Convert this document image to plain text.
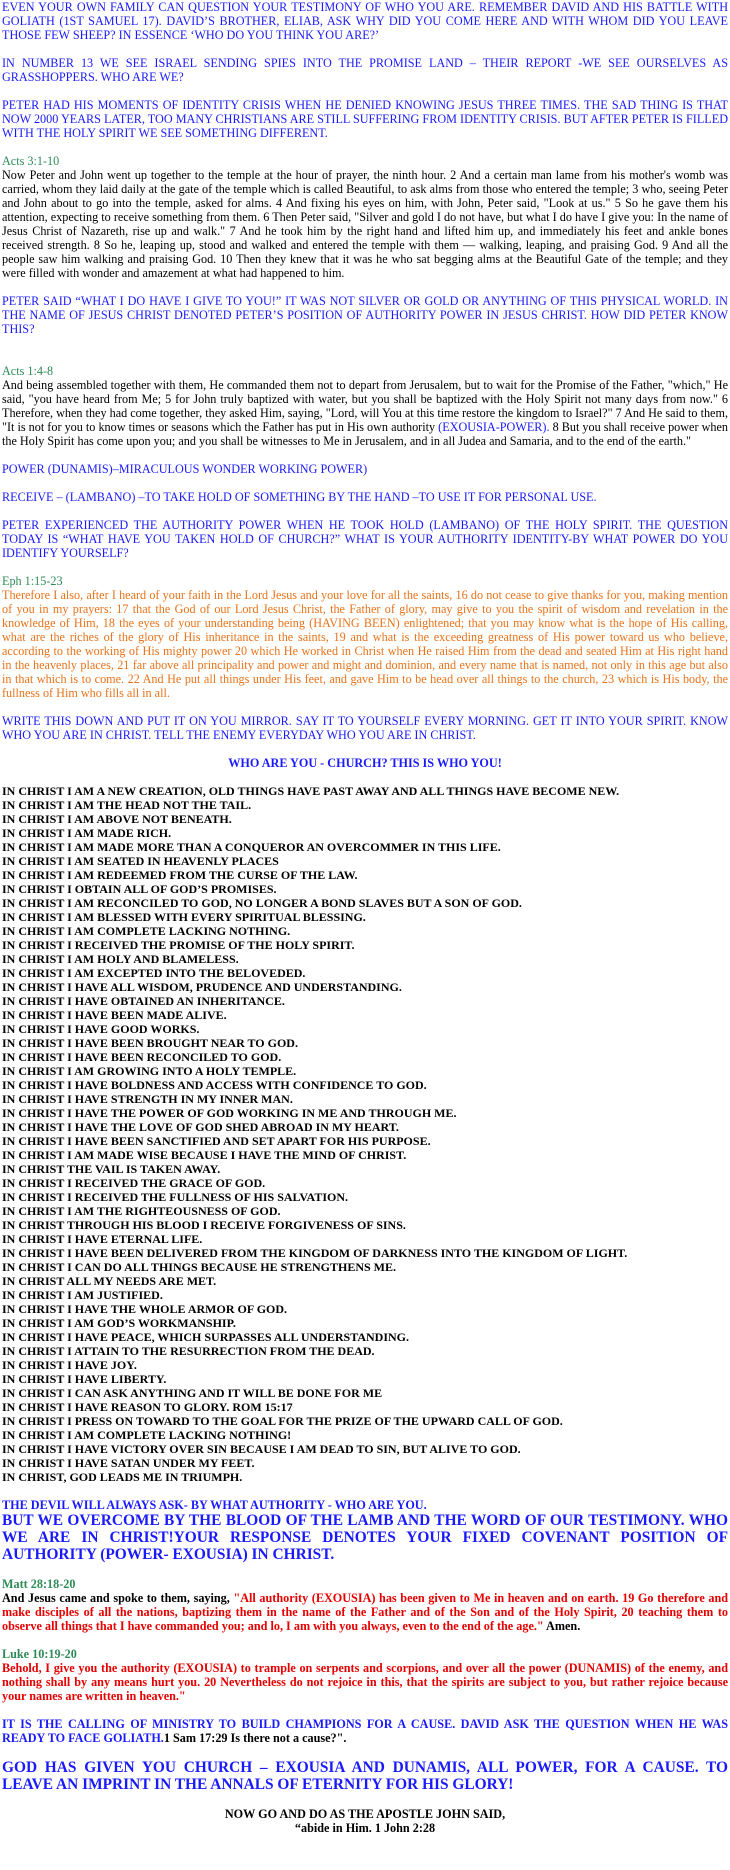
EVEN YOUR OWN FAMILY CAN QUESTION YOUR TESTIMONY OF WHO YOU ARE. REMEMBER DAVID AND HIS BATTLE WITH GOLIATH (1ST SAMUEL 17). DAVID’S BROTHER, ELIAB, ASK WHY DID YOU COME HERE AND WITH WHOM DID YOU LEAVE THOSE FEW SHEEP? IN ESSENCE ‘WHO DO YOU THINK YOU ARE?’

IN NUMBER 13 WE SEE ISRAEL SENDING SPIES INTO THE PROMISE LAND – THEIR REPORT -WE SEE OURSELVES AS GRASSHOPPERS. WHO ARE WE?

PETER HAD HIS MOMENTS OF IDENTITY CRISIS WHEN HE DENIED KNOWING JESUS THREE TIMES. THE SAD THING IS THAT NOW 2000 YEARS LATER, TOO MANY CHRISTIANS ARE STILL SUFFERING FROM IDENTITY CRISIS. BUT AFTER PETER IS FILLED WITH THE HOLY SPIRIT WE SEE SOMETHING DIFFERENT.

Acts 3:1-10

Now Peter and John went up together to the temple at the hour of prayer, the ninth hour. 2 And a certain man lame from his mother's womb was carried, whom they laid daily at the gate of the temple which is called Beautiful, to ask alms from those who entered the temple; 3 who, seeing Peter and John about to go into the temple, asked for alms. 4 And fixing his eyes on him, with John, Peter said, "Look at us." 5 So he gave them his attention, expecting to receive something from them. 6 Then Peter said, "Silver and gold I do not have, but what I do have I give you: In the name of Jesus Christ of Nazareth, rise up and walk." 7 And he took him by the right hand and lifted him up, and immediately his feet and ankle bones received strength. 8 So he, leaping up, stood and walked and entered the temple with them — walking, leaping, and praising God. 9 And all the people saw him walking and praising God. 10 Then they knew that it was he who sat begging alms at the Beautiful Gate of the temple; and they were filled with wonder and amazement at what had happened to him.

PETER SAID “WHAT I DO HAVE I GIVE TO YOU!” IT WAS NOT SILVER OR GOLD OR ANYTHING OF THIS PHYSICAL WORLD. IN THE NAME OF JESUS CHRIST DENOTED PETER’S POSITION OF AUTHORITY POWER IN JESUS CHRIST. HOW DID PETER KNOW THIS?

Acts 1:4-8

And being assembled together with them, He commanded them not to depart from Jerusalem, but to wait for the Promise of the Father, "which," He said, "you have heard from Me; 5 for John truly baptized with water, but you shall be baptized with the Holy Spirit not many days from now." 6 Therefore, when they had come together, they asked Him, saying, "Lord, will You at this time restore the kingdom to Israel?" 7 And He said to them, "It is not for you to know times or seasons which the Father has put in His own authority (EXOUSIA-POWER). 8 But you shall receive power when the Holy Spirit has come upon you; and you shall be witnesses to Me in Jerusalem, and in all Judea and Samaria, and to the end of the earth."

POWER (DUNAMIS)–MIRACULOUS WONDER WORKING POWER)

RECEIVE – (LAMBANO) –TO TAKE HOLD OF SOMETHING BY THE HAND –TO USE IT FOR PERSONAL USE.

PETER EXPERIENCED THE AUTHORITY POWER WHEN HE TOOK HOLD (LAMBANO) OF THE HOLY SPIRIT. THE QUESTION TODAY IS “WHAT HAVE YOU TAKEN HOLD OF CHURCH?” WHAT IS YOUR AUTHORITY IDENTITY-BY WHAT POWER DO YOU IDENTIFY YOURSELF?

Eph 1:15-23

Therefore I also, after I heard of your faith in the Lord Jesus and your love for all the saints, 16 do not cease to give thanks for you, making mention of you in my prayers: 17 that the God of our Lord Jesus Christ, the Father of glory, may give to you the spirit of wisdom and revelation in the knowledge of Him, 18 the eyes of your understanding being (HAVING BEEN) enlightened; that you may know what is the hope of His calling, what are the riches of the glory of His inheritance in the saints, 19 and what is the exceeding greatness of His power toward us who believe, according to the working of His mighty power 20 which He worked in Christ when He raised Him from the dead and seated Him at His right hand in the heavenly places, 21 far above all principality and power and might and dominion, and every name that is named, not only in this age but also in that which is to come. 22 And He put all things under His feet, and gave Him to be head over all things to the church, 23 which is His body, the fullness of Him who fills all in all.

WRITE THIS DOWN AND PUT IT ON YOU MIRROR. SAY IT TO YOURSELF EVERY MORNING. GET IT INTO YOUR SPIRIT. KNOW WHO YOU ARE IN CHRIST. TELL THE ENEMY EVERYDAY WHO YOU ARE IN CHRIST.

WHO ARE YOU - CHURCH? THIS IS WHO YOU!

IN CHRIST I AM A NEW CREATION, OLD THINGS HAVE PAST AWAY AND ALL THINGS HAVE BECOME NEW.

IN CHRIST I AM THE HEAD NOT THE TAIL.

IN CHRIST I AM ABOVE NOT BENEATH.

IN CHRIST I AM MADE RICH.

IN CHRIST I AM MADE MORE THAN A CONQUEROR AN OVERCOMMER IN THIS LIFE.

IN CHRIST I AM SEATED IN HEAVENLY PLACES

IN CHRIST I AM REDEEMED FROM THE CURSE OF THE LAW.

IN CHRIST I OBTAIN ALL OF GOD’S PROMISES.

IN CHRIST I AM RECONCILED TO GOD, NO LONGER A BOND SLAVES BUT A SON OF GOD.

IN CHRIST I AM BLESSED WITH EVERY SPIRITUAL BLESSING.

IN CHRIST I AM COMPLETE LACKING NOTHING.

IN CHRIST I RECEIVED THE PROMISE OF THE HOLY SPIRIT.

IN CHRIST I AM HOLY AND BLAMELESS.

IN CHRIST I AM EXCEPTED INTO THE BELOVEDED.

IN CHRIST I HAVE ALL WISDOM, PRUDENCE AND UNDERSTANDING.

IN CHRIST I HAVE OBTAINED AN INHERITANCE.

IN CHRIST I HAVE BEEN MADE ALIVE.

IN CHRIST I HAVE GOOD WORKS.

IN CHRIST I HAVE BEEN BROUGHT NEAR TO GOD.

IN CHRIST I HAVE BEEN RECONCILED TO GOD.

IN CHRIST I AM GROWING INTO A HOLY TEMPLE.

IN CHRIST I HAVE BOLDNESS AND ACCESS WITH CONFIDENCE TO GOD.

IN CHRIST I HAVE STRENGTH IN MY INNER MAN.

IN CHRIST I HAVE THE POWER OF GOD WORKING IN ME AND THROUGH ME.

IN CHRIST I HAVE THE LOVE OF GOD SHED ABROAD IN MY HEART.

IN CHRIST I HAVE BEEN SANCTIFIED AND SET APART FOR HIS PURPOSE.

IN CHRIST I AM MADE WISE BECAUSE I HAVE THE MIND OF CHRIST.

IN CHRIST THE VAIL IS TAKEN AWAY.

IN CHRIST I RECEIVED THE GRACE OF GOD.

IN CHRIST I RECEIVED THE FULLNESS OF HIS SALVATION.

IN CHRIST I AM THE RIGHTEOUSNESS OF GOD.

IN CHRIST THROUGH HIS BLOOD I RECEIVE FORGIVENESS OF SINS.

IN CHRIST I HAVE ETERNAL LIFE.

IN CHRIST I HAVE BEEN DELIVERED FROM THE KINGDOM OF DARKNESS INTO THE KINGDOM OF LIGHT.

IN CHRIST I CAN DO ALL THINGS BECAUSE HE STRENGTHENS ME.

IN CHRIST ALL MY NEEDS ARE MET.

IN CHRIST I AM JUSTIFIED.

IN CHRIST I HAVE THE WHOLE ARMOR OF GOD.

IN CHRIST I AM GOD’S WORKMANSHIP.

IN CHRIST I HAVE PEACE, WHICH SURPASSES ALL UNDERSTANDING.

IN CHRIST I ATTAIN TO THE RESURRECTION FROM THE DEAD.

IN CHRIST I HAVE JOY.

IN CHRIST I HAVE LIBERTY.

IN CHRIST I CAN ASK ANYTHING AND IT WILL BE DONE FOR ME

IN CHRIST I HAVE REASON TO GLORY. ROM 15:17

IN CHRIST I PRESS ON TOWARD TO THE GOAL FOR THE PRIZE OF THE UPWARD CALL OF GOD.

IN CHRIST I AM COMPLETE LACKING NOTHING!

IN CHRIST I HAVE VICTORY OVER SIN BECAUSE I AM DEAD TO SIN, BUT ALIVE TO GOD.

IN CHRIST I HAVE SATAN UNDER MY FEET.

IN CHRIST, GOD LEADS ME IN TRIUMPH.

THE DEVIL WILL ALWAYS ASK- BY WHAT AUTHORITY - WHO ARE YOU.

BUT WE OVERCOME BY THE BLOOD OF THE LAMB AND THE WORD OF OUR TESTIMONY. WHO WE ARE IN CHRIST!YOUR RESPONSE DENOTES YOUR FIXED COVENANT POSITION OF AUTHORITY (POWER- EXOUSIA) IN CHRIST.

Matt 28:18-20

And Jesus came and spoke to them, saying, "All authority (EXOUSIA) has been given to Me in heaven and on earth. 19 Go therefore and make disciples of all the nations, baptizing them in the name of the Father and of the Son and of the Holy Spirit, 20 teaching them to observe all things that I have commanded you; and lo, I am with you always, even to the end of the age." Amen.

Luke 10:19-20

Behold, I give you the authority (EXOUSIA) to trample on serpents and scorpions, and over all the power (DUNAMIS) of the enemy, and nothing shall by any means hurt you. 20 Nevertheless do not rejoice in this, that the spirits are subject to you, but rather rejoice because your names are written in heaven."

IT IS THE CALLING OF MINISTRY TO BUILD CHAMPIONS FOR A CAUSE. DAVID ASK THE QUESTION WHEN HE WAS READY TO FACE GOLIATH.1 Sam 17:29 Is there not a cause?".

GOD HAS GIVEN YOU CHURCH – EXOUSIA AND DUNAMIS, ALL POWER, FOR A CAUSE. TO LEAVE AN IMPRINT IN THE ANNALS OF ETERNITY FOR HIS GLORY!

NOW GO AND DO AS THE APOSTLE JOHN SAID,

“abide in Him. 1 John 2:28
